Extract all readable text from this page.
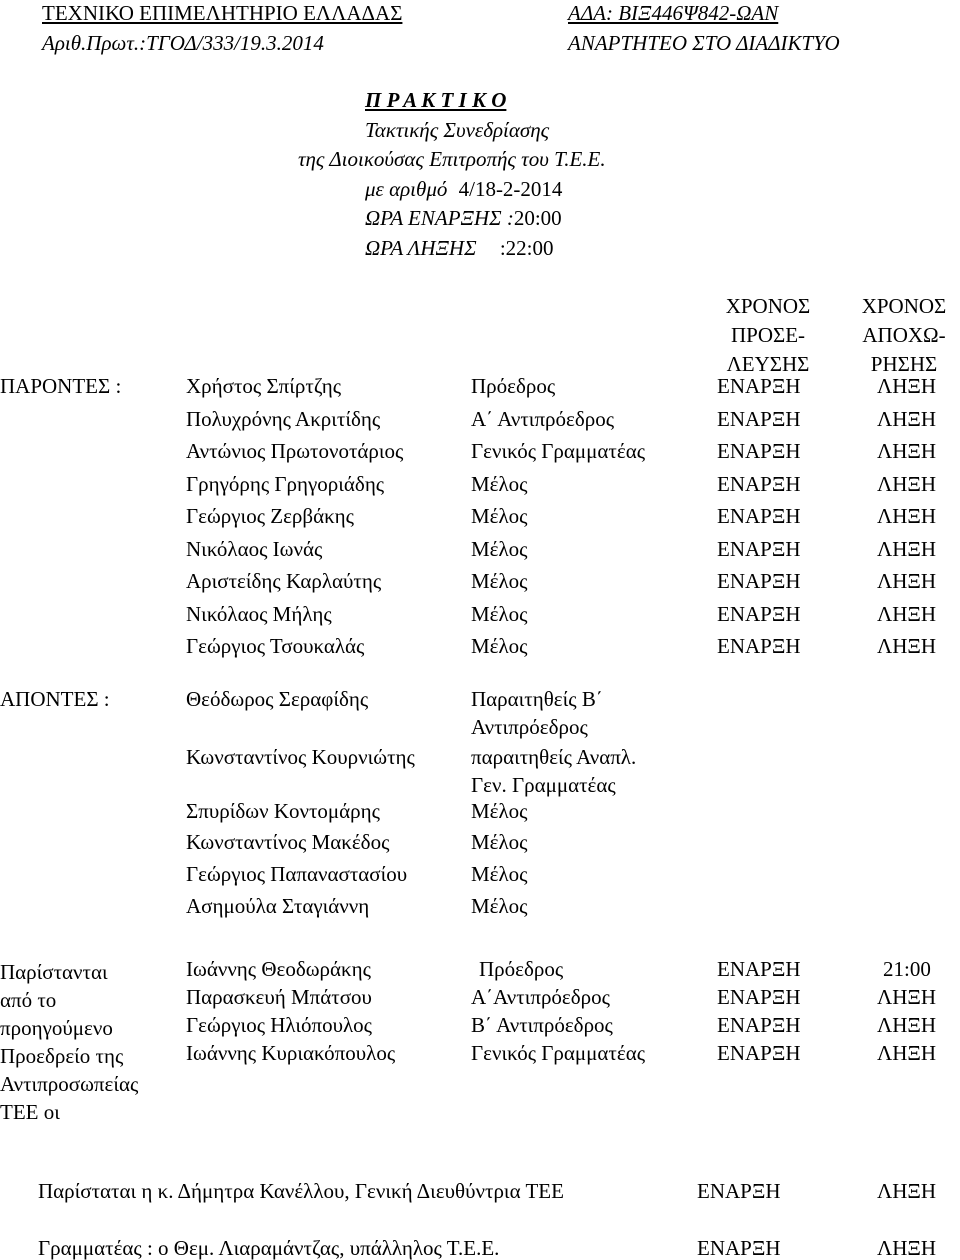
ΤΕΧΝΙΚΟ ΕΠΙΜΕΛΗΤΗΡΙΟ ΕΛΛΑΔΑΣ
Αριθ.Πρωτ.:ΤΓΟΔ/333/19.3.2014
ΑΔΑ: ΒΙΞ446Ψ842-ΩΑΝ
ΑΝΑΡΤΗΤΕΟ ΣΤΟ ΔΙΑΔΙΚΤΥΟ
Π Ρ Α Κ Τ Ι Κ Ο
Τακτικής Συνεδρίασης
της Διοικούσας Επιτροπής του Τ.Ε.Ε.
με αριθμό 4/18-2-2014
ΩΡΑ ΕΝΑΡΞΗΣ :20:00
ΩΡΑ ΛΗΞΗΣ :22:00
ΧΡΟΝΟΣ
ΠΡΟΣΕ-
ΛΕΥΣΗΣ
ΧΡΟΝΟΣ
ΑΠΟΧΩ-
ΡΗΣΗΣ
ΠΑΡΟΝΤΕΣ :	Χρήστος Σπίρτζης	Πρόεδρος	ΕΝΑΡΞΗ	ΛΗΞΗ
Πολυχρόνης Ακριτίδης	Α΄ Αντιπρόεδρος	ΕΝΑΡΞΗ	ΛΗΞΗ
Αντώνιος Πρωτονοτάριος	Γενικός Γραμματέας	ΕΝΑΡΞΗ	ΛΗΞΗ
Γρηγόρης Γρηγοριάδης	Μέλος	ΕΝΑΡΞΗ	ΛΗΞΗ
Γεώργιος Ζερβάκης	Μέλος	ΕΝΑΡΞΗ	ΛΗΞΗ
Νικόλαος Ιωνάς	Μέλος	ΕΝΑΡΞΗ	ΛΗΞΗ
Αριστείδης Καρλαύτης	Μέλος	ΕΝΑΡΞΗ	ΛΗΞΗ
Νικόλαος Μήλης	Μέλος	ΕΝΑΡΞΗ	ΛΗΞΗ
Γεώργιος Τσουκαλάς	Μέλος	ΕΝΑΡΞΗ	ΛΗΞΗ
ΑΠΟΝΤΕΣ :	Θεόδωρος Σεραφίδης	Παραιτηθείς Β΄
Αντιπρόεδρος
Κωνσταντίνος Κουρνιώτης	παραιτηθείς Αναπλ.
Γεν. Γραμματέας
Σπυρίδων Κοντομάρης	Μέλος
Κωνσταντίνος Μακέδος	Μέλος
Γεώργιος Παπαναστασίου	Μέλος
Ασημούλα Σταγιάννη	Μέλος
Παρίστανται
από το
προηγούμενο
Προεδρείο της
Αντιπροσωπείας
ΤΕΕ οι
Ιωάννης Θεοδωράκης	Πρόεδρος	ΕΝΑΡΞΗ	21:00
Παρασκευή Μπάτσου	Α΄Αντιπρόεδρος	ΕΝΑΡΞΗ	ΛΗΞΗ
Γεώργιος Ηλιόπουλος	Β΄ Αντιπρόεδρος	ΕΝΑΡΞΗ	ΛΗΞΗ
Ιωάννης Κυριακόπουλος	Γενικός Γραμματέας	ΕΝΑΡΞΗ	ΛΗΞΗ
Παρίσταται η κ. Δήμητρα Κανέλλου, Γενική Διευθύντρια ΤΕΕ	ΕΝΑΡΞΗ	ΛΗΞΗ
Γραμματέας : ο Θεμ. Λιαραμάντζας, υπάλληλος Τ.Ε.Ε.	ΕΝΑΡΞΗ	ΛΗΞΗ
